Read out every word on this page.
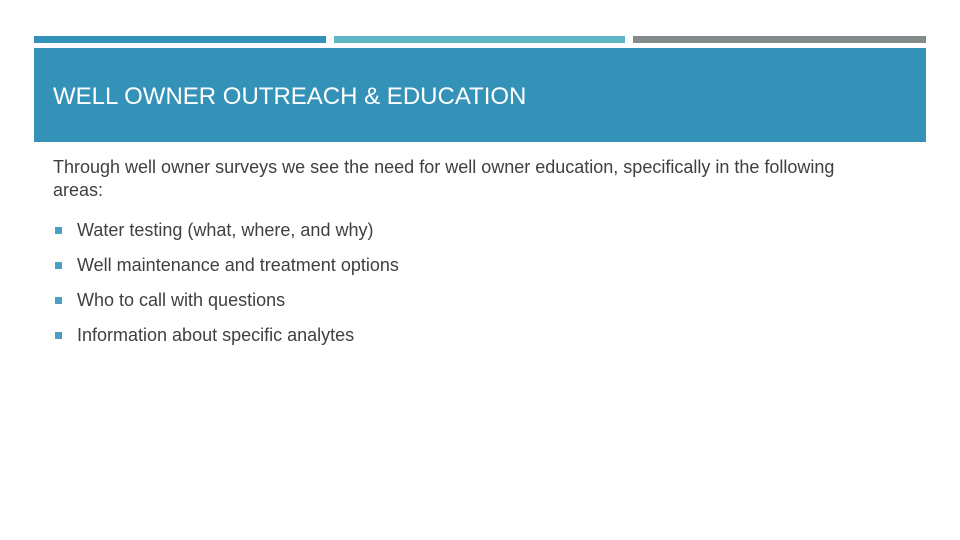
WELL OWNER OUTREACH & EDUCATION

Through well owner surveys we see the need for well owner education, specifically in the following areas:

Water testing (what, where, and why)
Well maintenance and treatment options
Who to call with questions
Information about specific analytes
